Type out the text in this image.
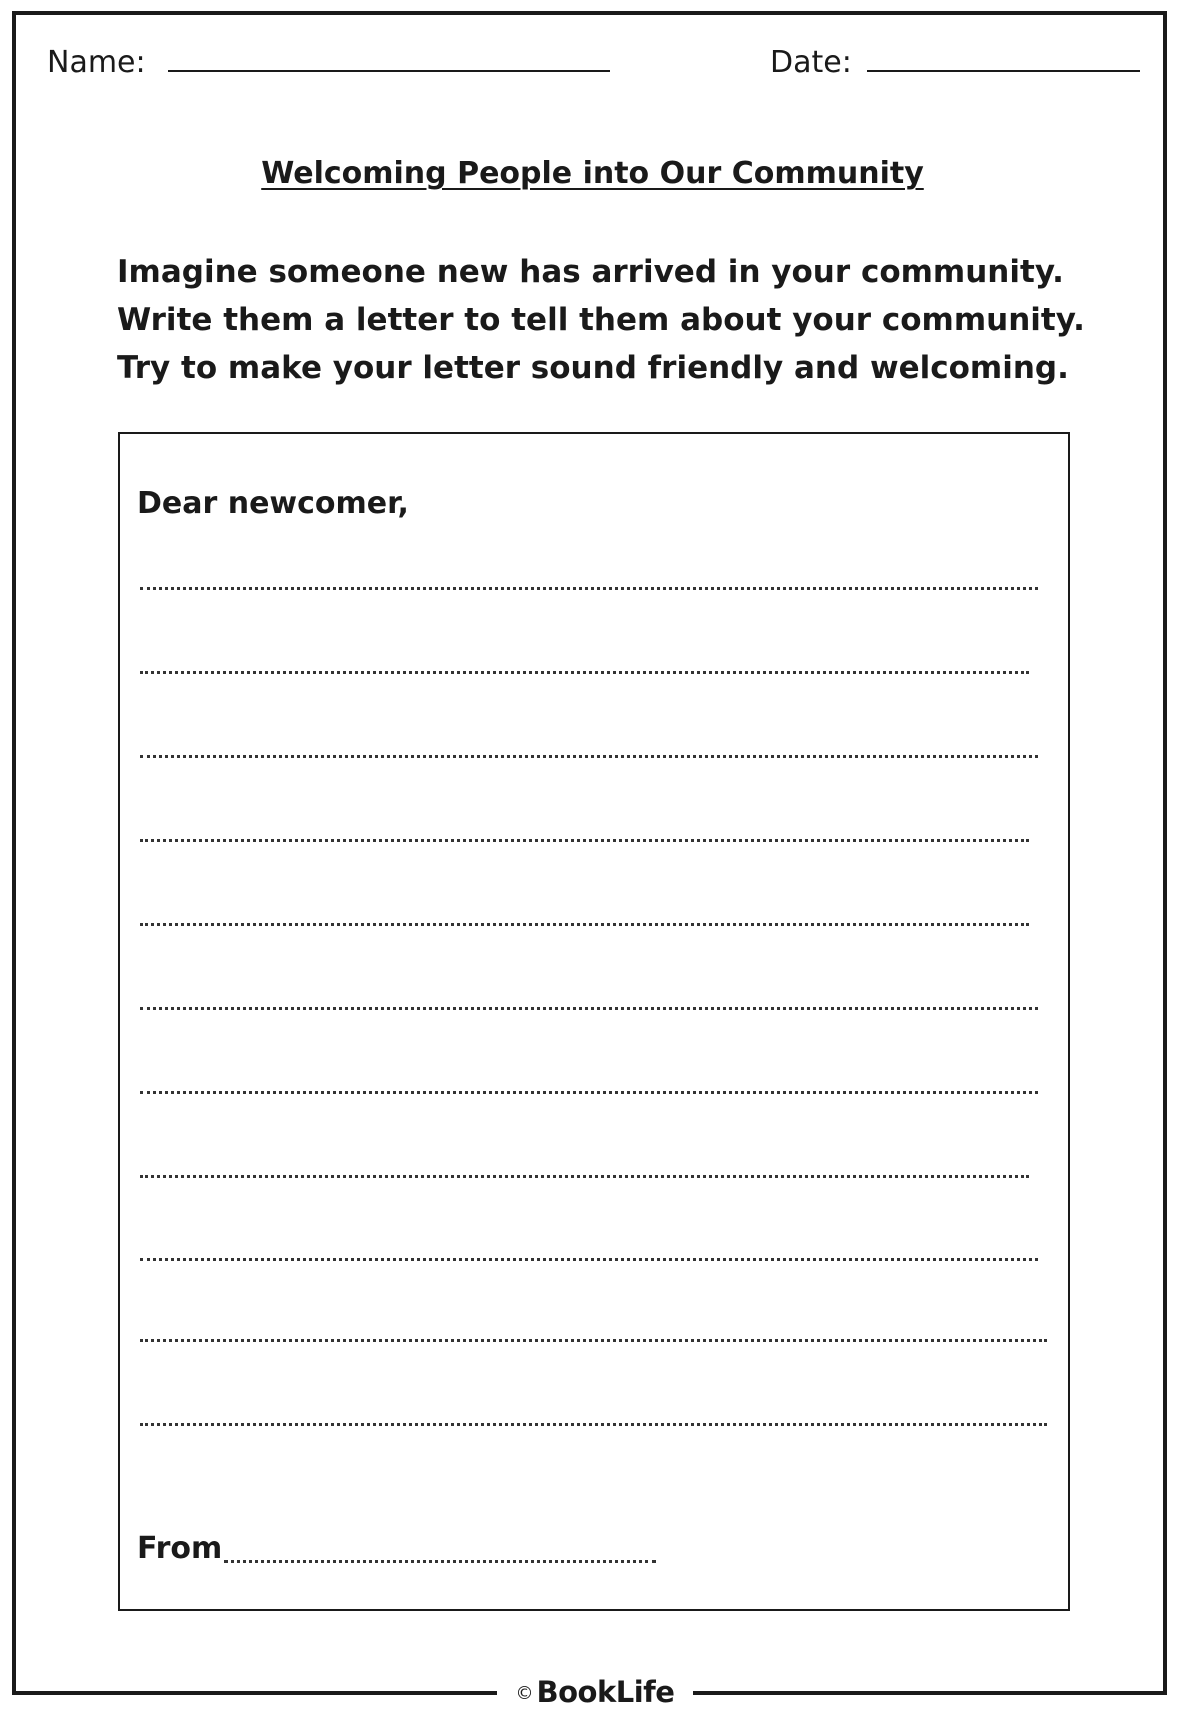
Name:	Date:
Welcoming People into Our Community
Imagine someone new has arrived in your community.
Write them a letter to tell them about your community.
Try to make your letter sound friendly and welcoming.
Dear newcomer,
From
© BookLife
